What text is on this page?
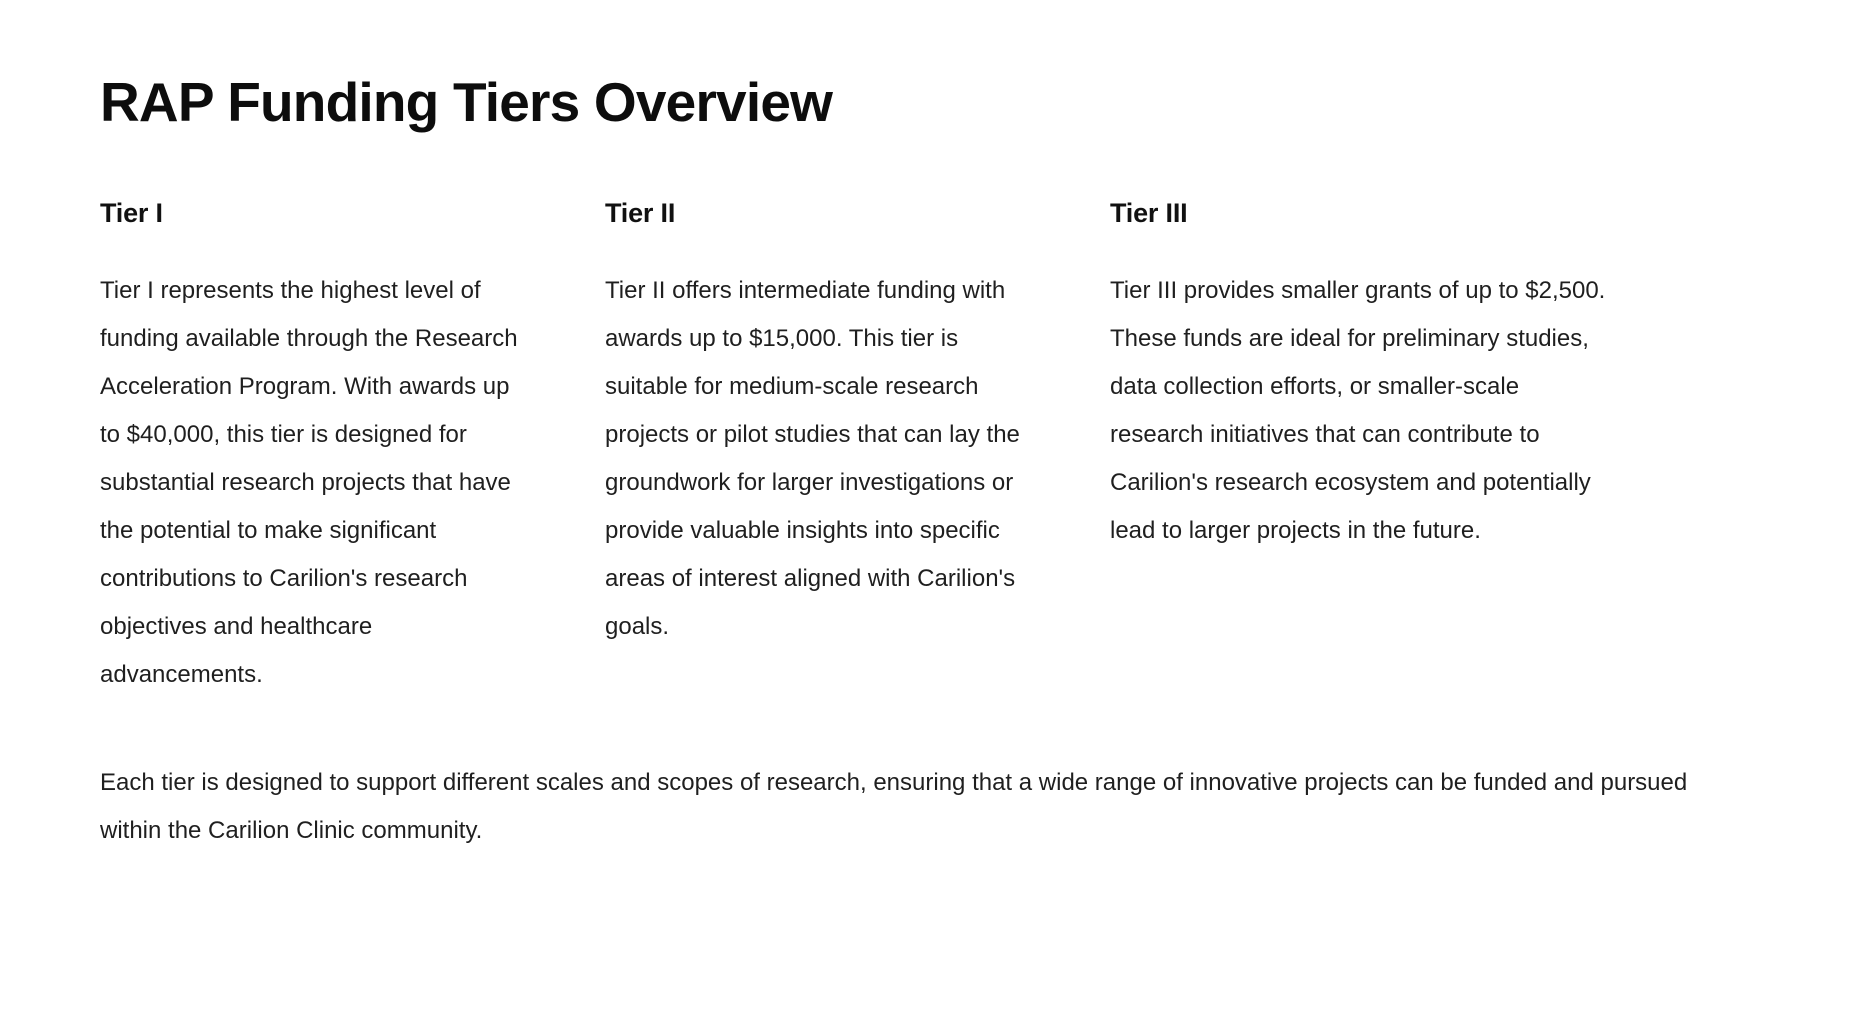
RAP Funding Tiers Overview
Tier I

Tier I represents the highest level of funding available through the Research Acceleration Program. With awards up to $40,000, this tier is designed for substantial research projects that have the potential to make significant contributions to Carilion's research objectives and healthcare advancements.

Tier II

Tier II offers intermediate funding with awards up to $15,000. This tier is suitable for medium-scale research projects or pilot studies that can lay the groundwork for larger investigations or provide valuable insights into specific areas of interest aligned with Carilion's goals.

Tier III

Tier III provides smaller grants of up to $2,500. These funds are ideal for preliminary studies, data collection efforts, or smaller-scale research initiatives that can contribute to Carilion's research ecosystem and potentially lead to larger projects in the future.

Each tier is designed to support different scales and scopes of research, ensuring that a wide range of innovative projects can be funded and pursued within the Carilion Clinic community.
